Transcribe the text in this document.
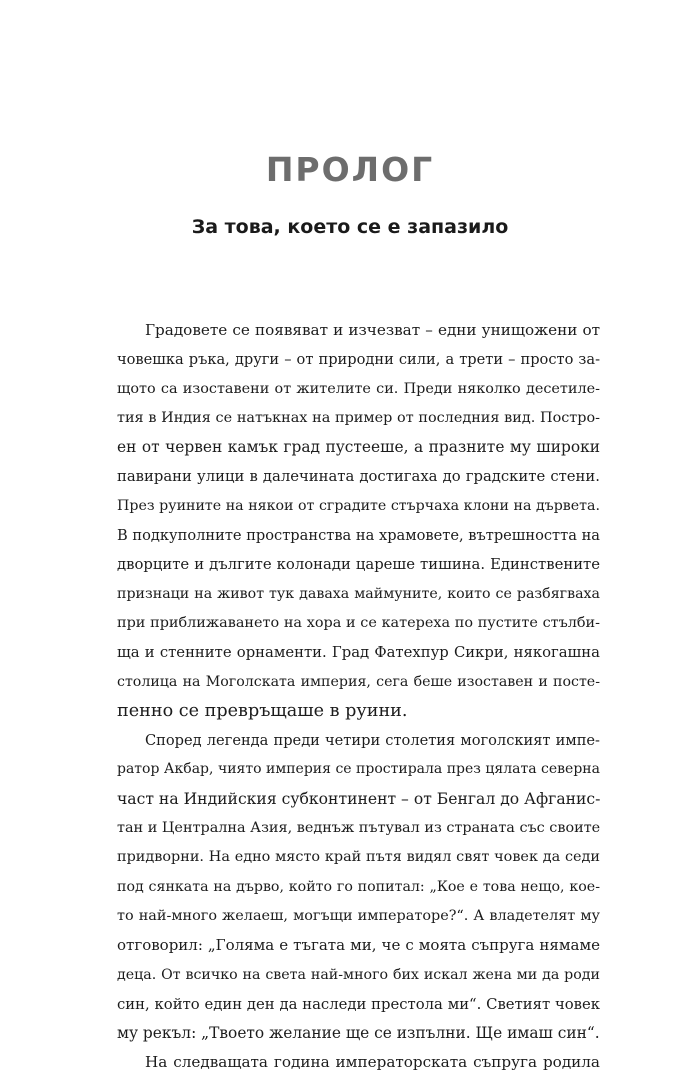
ПРОЛОГ
За това, което се е запазило
Градовете се появяват и изчезват – едни унищожени от
човешка ръка, други – от природни сили, а трети – просто за-
щото са изоставени от жителите си. Преди няколко десетиле-
тия в Индия се натъкнах на пример от последния вид. Постро-
ен от червен камък град пустееше, а празните му широки
павирани улици в далечината достигаха до градските стени.
През руините на някои от сградите стърчаха клони на дървета.
В подкуполните пространства на храмовете, вътрешността на
дворците и дългите колонади цареше тишина. Единствените
признаци на живот тук даваха маймуните, които се разбягваха
при приближаването на хора и се катереха по пустите стълби-
ща и стенните орнаменти. Град Фатехпур Сикри, някогашна
столица на Моголската империя, сега беше изоставен и посте-
пенно се превръщаше в руини.
Според легенда преди четири столетия моголският импе-
ратор Акбар, чиято империя се простирала през цялата северна
част на Индийския субконтинент – от Бенгал до Афганис-
тан и Централна Азия, веднъж пътувал из страната със своите
придворни. На едно място край пътя видял свят човек да седи
под сянката на дърво, който го попитал: „Кое е това нещо, кое-
то най-много желаеш, могъщи императоре?“. А владетелят му
отговорил: „Голяма е тъгата ми, че с моята съпруга нямаме
деца. От всичко на света най-много бих искал жена ми да роди
син, който един ден да наследи престола ми“. Светият човек
му рекъл: „Твоето желание ще се изпълни. Ще имаш син“.
На следващата година императорската съпруга родила
